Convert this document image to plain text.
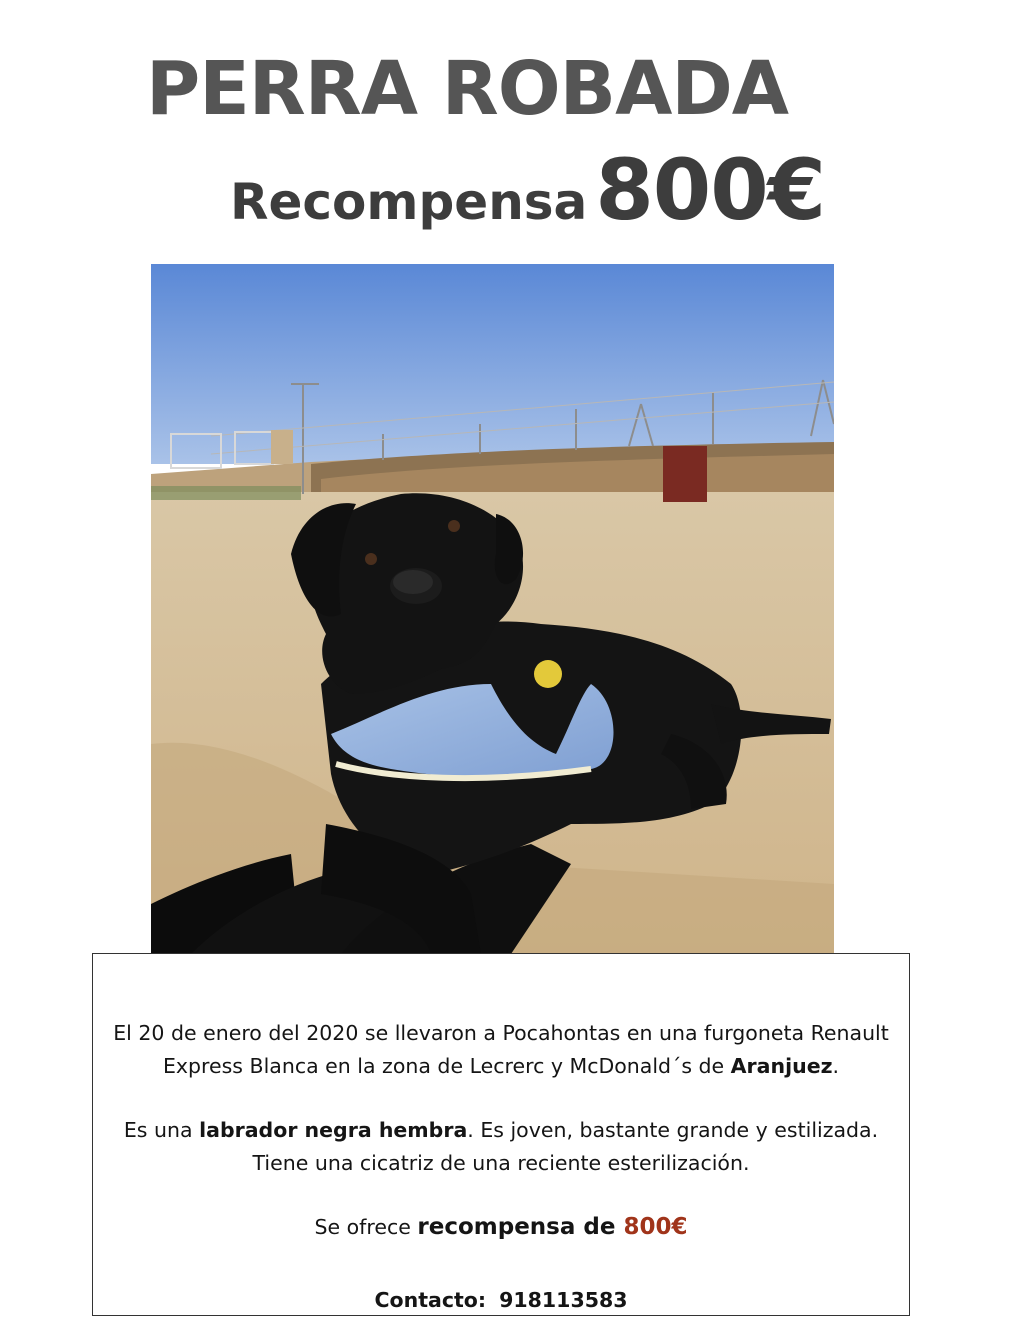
PERRA ROBADA
Recompensa800€

El 20 de enero del 2020 se llevaron a Pocahontas en una furgoneta Renault
Express Blanca en la zona de Lecrerc y McDonald´s de Aranjuez.

Es una labrador negra hembra. Es joven, bastante grande y estilizada.
Tiene una cicatriz de una reciente esterilización.

Se ofrece recompensa de 800€

Contacto: 918113583
